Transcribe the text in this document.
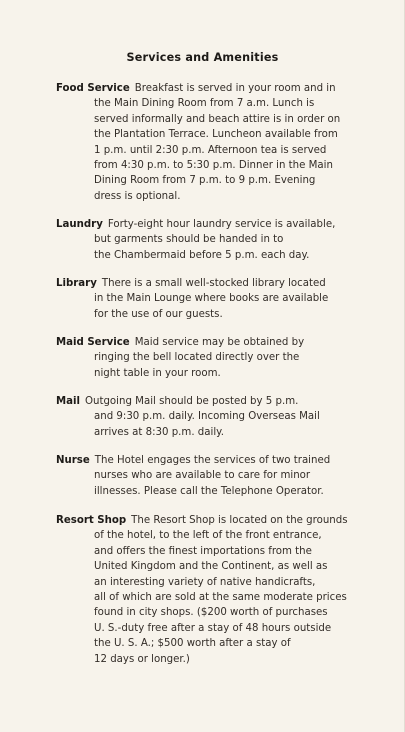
Services and Amenities
Food Service Breakfast is served in your room and in
the Main Dining Room from 7 a.m. Lunch is
served informally and beach attire is in order on
the Plantation Terrace. Luncheon available from
1 p.m. until 2:30 p.m. Afternoon tea is served
from 4:30 p.m. to 5:30 p.m. Dinner in the Main
Dining Room from 7 p.m. to 9 p.m. Evening
dress is optional.
Laundry Forty-eight hour laundry service is available,
but garments should be handed in to
the Chambermaid before 5 p.m. each day.
Library There is a small well-stocked library located
in the Main Lounge where books are available
for the use of our guests.
Maid Service Maid service may be obtained by
ringing the bell located directly over the
night table in your room.
Mail Outgoing Mail should be posted by 5 p.m.
and 9:30 p.m. daily. Incoming Overseas Mail
arrives at 8:30 p.m. daily.
Nurse The Hotel engages the services of two trained
nurses who are available to care for minor
illnesses. Please call the Telephone Operator.
Resort Shop The Resort Shop is located on the grounds
of the hotel, to the left of the front entrance,
and offers the finest importations from the
United Kingdom and the Continent, as well as
an interesting variety of native handicrafts,
all of which are sold at the same moderate prices
found in city shops. ($200 worth of purchases
U. S.-duty free after a stay of 48 hours outside
the U. S. A.; $500 worth after a stay of
12 days or longer.)
